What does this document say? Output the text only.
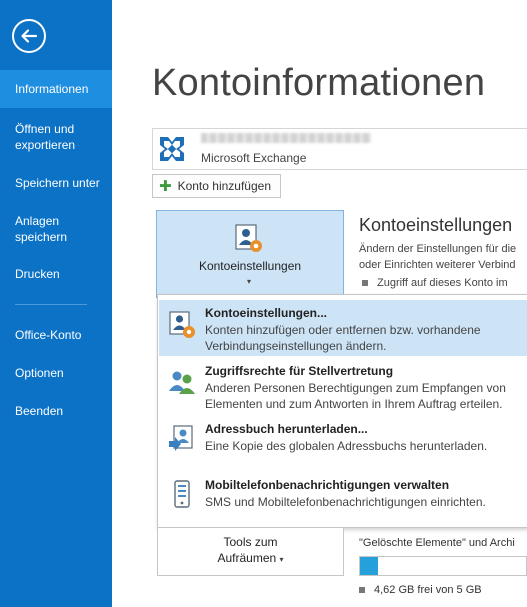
Informationen
Öffnen und
exportieren
Speichern unter
Anlagen
speichern
Drucken
Office-Konto
Optionen
Beenden
Kontoinformationen
Microsoft Exchange
✚ Konto hinzufügen
Kontoeinstellungen
▾
Kontoeinstellungen
Ändern der Einstellungen für die
oder Einrichten weiterer Verbind
Zugriff auf dieses Konto im
Kontoeinstellungen...
Konten hinzufügen oder entfernen bzw. vorhandene
Verbindungseinstellungen ändern.
Zugriffsrechte für Stellvertretung
Anderen Personen Berechtigungen zum Empfangen von
Elementen und zum Antworten in Ihrem Auftrag erteilen.
Adressbuch herunterladen...
Eine Kopie des globalen Adressbuchs herunterladen.
Mobiltelefonbenachrichtigungen verwalten
SMS und Mobiltelefonbenachrichtigungen einrichten.
Tools zum
Aufräumen ▾
"Gelöschte Elemente" und Archi
4,62 GB frei von 5 GB
